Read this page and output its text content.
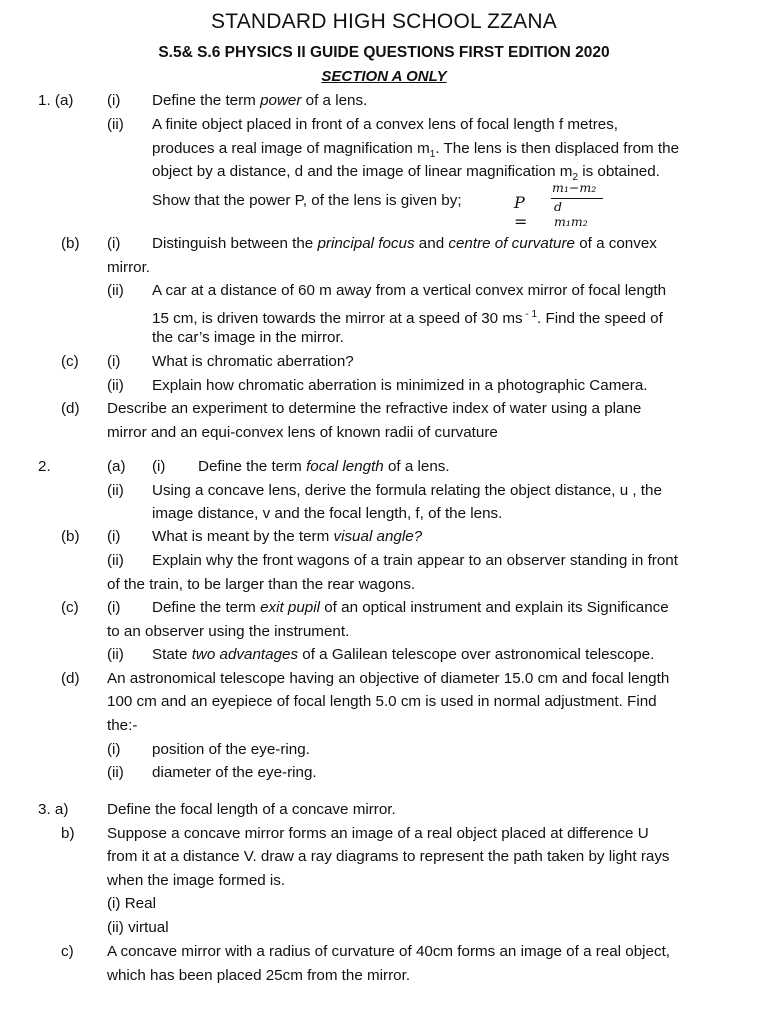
STANDARD HIGH SCHOOL ZZANA
S.5& S.6 PHYSICS II GUIDE QUESTIONS FIRST EDITION 2020
SECTION A ONLY
1. (a) (i) Define the term power of a lens.
(ii) A finite object placed in front of a convex lens of focal length f metres,
produces a real image of magnification $m_1$. The lens is then displaced from the
object by a distance, d and the image of linear magnification $m_2$ is obtained.
Show that the power P, of the lens is given by;	P =
m₁−m₂
d m₁m₂
(b) (i) Distinguish between the principal focus and centre of curvature of a convex
mirror.
(ii) A car at a distance of 60 m away from a vertical convex mirror of focal length
15 cm, is driven towards the mirror at a speed of 30 ms $^{- 1}$. Find the speed of
the car’s image in the mirror.
(c) (i) What is chromatic aberration?
(ii) Explain how chromatic aberration is minimized in a photographic Camera.
(d) Describe an experiment to determine the refractive index of water using a plane
mirror and an equi-convex lens of known radii of curvature
2.	(a) (i) Define the term focal length of a lens.
(ii) Using a concave lens, derive the formula relating the object distance, u , the
image distance, v and the focal length, f, of the lens.
(b) (i) What is meant by the term visual angle?
(ii) Explain why the front wagons of a train appear to an observer standing in front
of the train, to be larger than the rear wagons.
(c) (i) Define the term exit pupil of an optical instrument and explain its Significance
to an observer using the instrument.
(ii) State two advantages of a Galilean telescope over astronomical telescope.
(d) An astronomical telescope having an objective of diameter 15.0 cm and focal length
100 cm and an eyepiece of focal length 5.0 cm is used in normal adjustment. Find
the:-
(i) position of the eye-ring.
(ii) diameter of the eye-ring.
3. a)	Define the focal length of a concave mirror.
b) Suppose a concave mirror forms an image of a real object placed at difference U
from it at a distance V. draw a ray diagrams to represent the path taken by light rays
when the image formed is.
(i) Real
(ii) virtual
c) A concave mirror with a radius of curvature of 40cm forms an image of a real object,
which has been placed 25cm from the mirror.
